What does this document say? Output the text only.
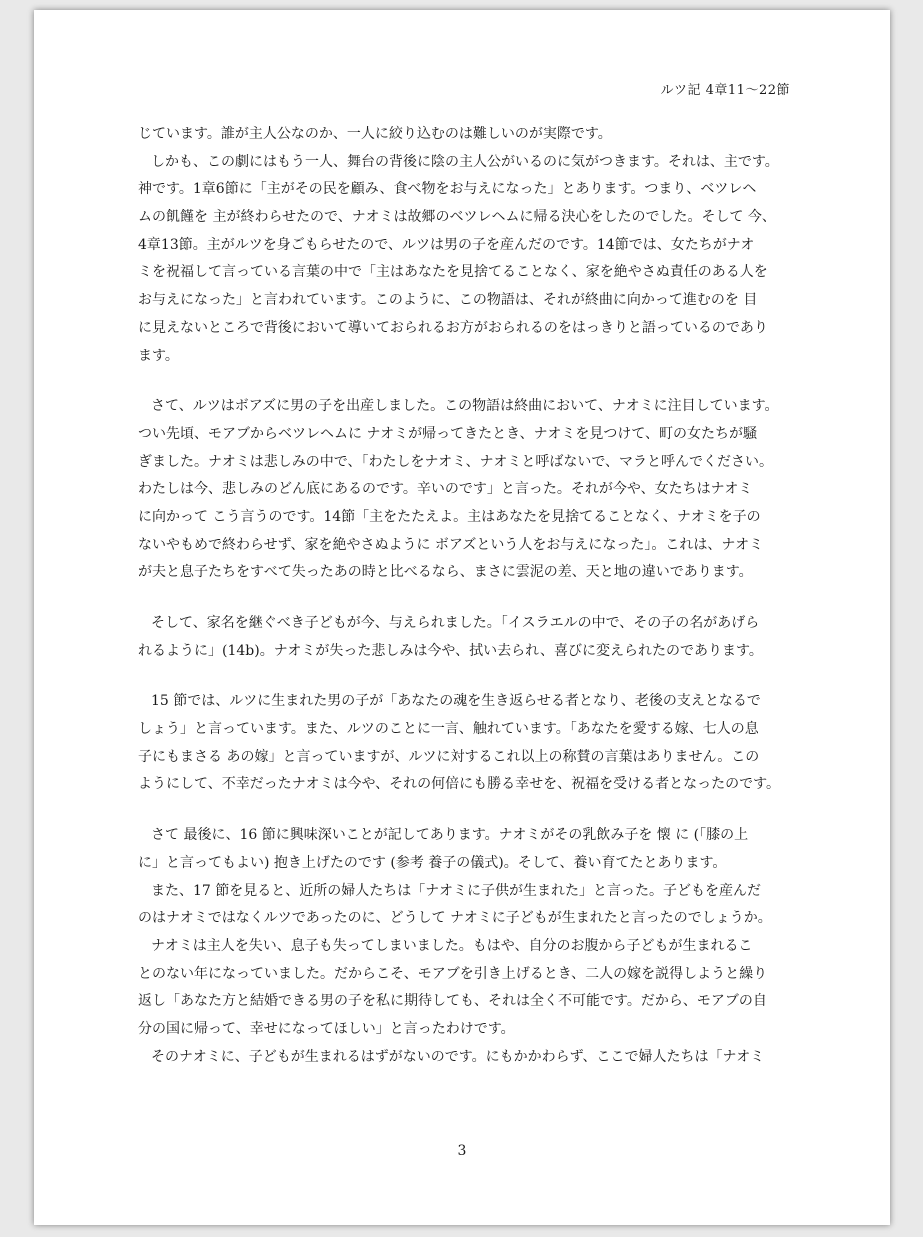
ルツ記 4章11〜22節
じています。誰が主人公なのか、一人に絞り込むのは難しいのが実際です。
しかも、この劇にはもう一人、舞台の背後に陰の主人公がいるのに気がつきます。それは、主です。
神です。1章6節に「主がその民を顧み、食べ物をお与えになった」とあります。つまり、ベツレヘ
ムの飢饉を 主が終わらせたので、ナオミは故郷のベツレヘムに帰る決心をしたのでした。そして 今、
4章13節。主がルツを身ごもらせたので、ルツは男の子を産んだのです。14節では、女たちがナオ
ミを祝福して言っている言葉の中で「主はあなたを見捨てることなく、家を絶やさぬ責任のある人を
お与えになった」と言われています。このように、この物語は、それが終曲に向かって進むのを 目
に見えないところで背後において導いておられるお方がおられるのをはっきりと語っているのであり
ます。
さて、ルツはボアズに男の子を出産しました。この物語は終曲において、ナオミに注目しています。
つい先頃、モアブからベツレヘムに ナオミが帰ってきたとき、ナオミを見つけて、町の女たちが騒
ぎました。ナオミは悲しみの中で、「わたしをナオミ、ナオミと呼ばないで、マラと呼んでください。
わたしは今、悲しみのどん底にあるのです。辛いのです」と言った。それが今や、女たちはナオミ
に向かって こう言うのです。14節「主をたたえよ。主はあなたを見捨てることなく、ナオミを子の
ないやもめで終わらせず、家を絶やさぬように ボアズという人をお与えになった」。これは、ナオミ
が夫と息子たちをすべて失ったあの時と比べるなら、まさに雲泥の差、天と地の違いであります。
そして、家名を継ぐべき子どもが今、与えられました。「イスラエルの中で、その子の名があげら
れるように」(14b)。ナオミが失った悲しみは今や、拭い去られ、喜びに変えられたのであります。
15 節では、ルツに生まれた男の子が「あなたの魂を生き返らせる者となり、老後の支えとなるで
しょう」と言っています。また、ルツのことに一言、触れています。「あなたを愛する嫁、七人の息
子にもまさる あの嫁」と言っていますが、ルツに対するこれ以上の称賛の言葉はありません。この
ようにして、不幸だったナオミは今や、それの何倍にも勝る幸せを、祝福を受ける者となったのです。
さて 最後に、16 節に興味深いことが記してあります。ナオミがその乳飲み子を 懐 に (「膝の上
に」と言ってもよい) 抱き上げたのです (参考 養子の儀式)。そして、養い育てたとあります。
また、17 節を見ると、近所の婦人たちは「ナオミに子供が生まれた」と言った。子どもを産んだ
のはナオミではなくルツであったのに、どうして ナオミに子どもが生まれたと言ったのでしょうか。
ナオミは主人を失い、息子も失ってしまいました。もはや、自分のお腹から子どもが生まれるこ
とのない年になっていました。だからこそ、モアブを引き上げるとき、二人の嫁を説得しようと繰り
返し「あなた方と結婚できる男の子を私に期待しても、それは全く不可能です。だから、モアブの自
分の国に帰って、幸せになってほしい」と言ったわけです。
そのナオミに、子どもが生まれるはずがないのです。にもかかわらず、ここで婦人たちは「ナオミ
3
